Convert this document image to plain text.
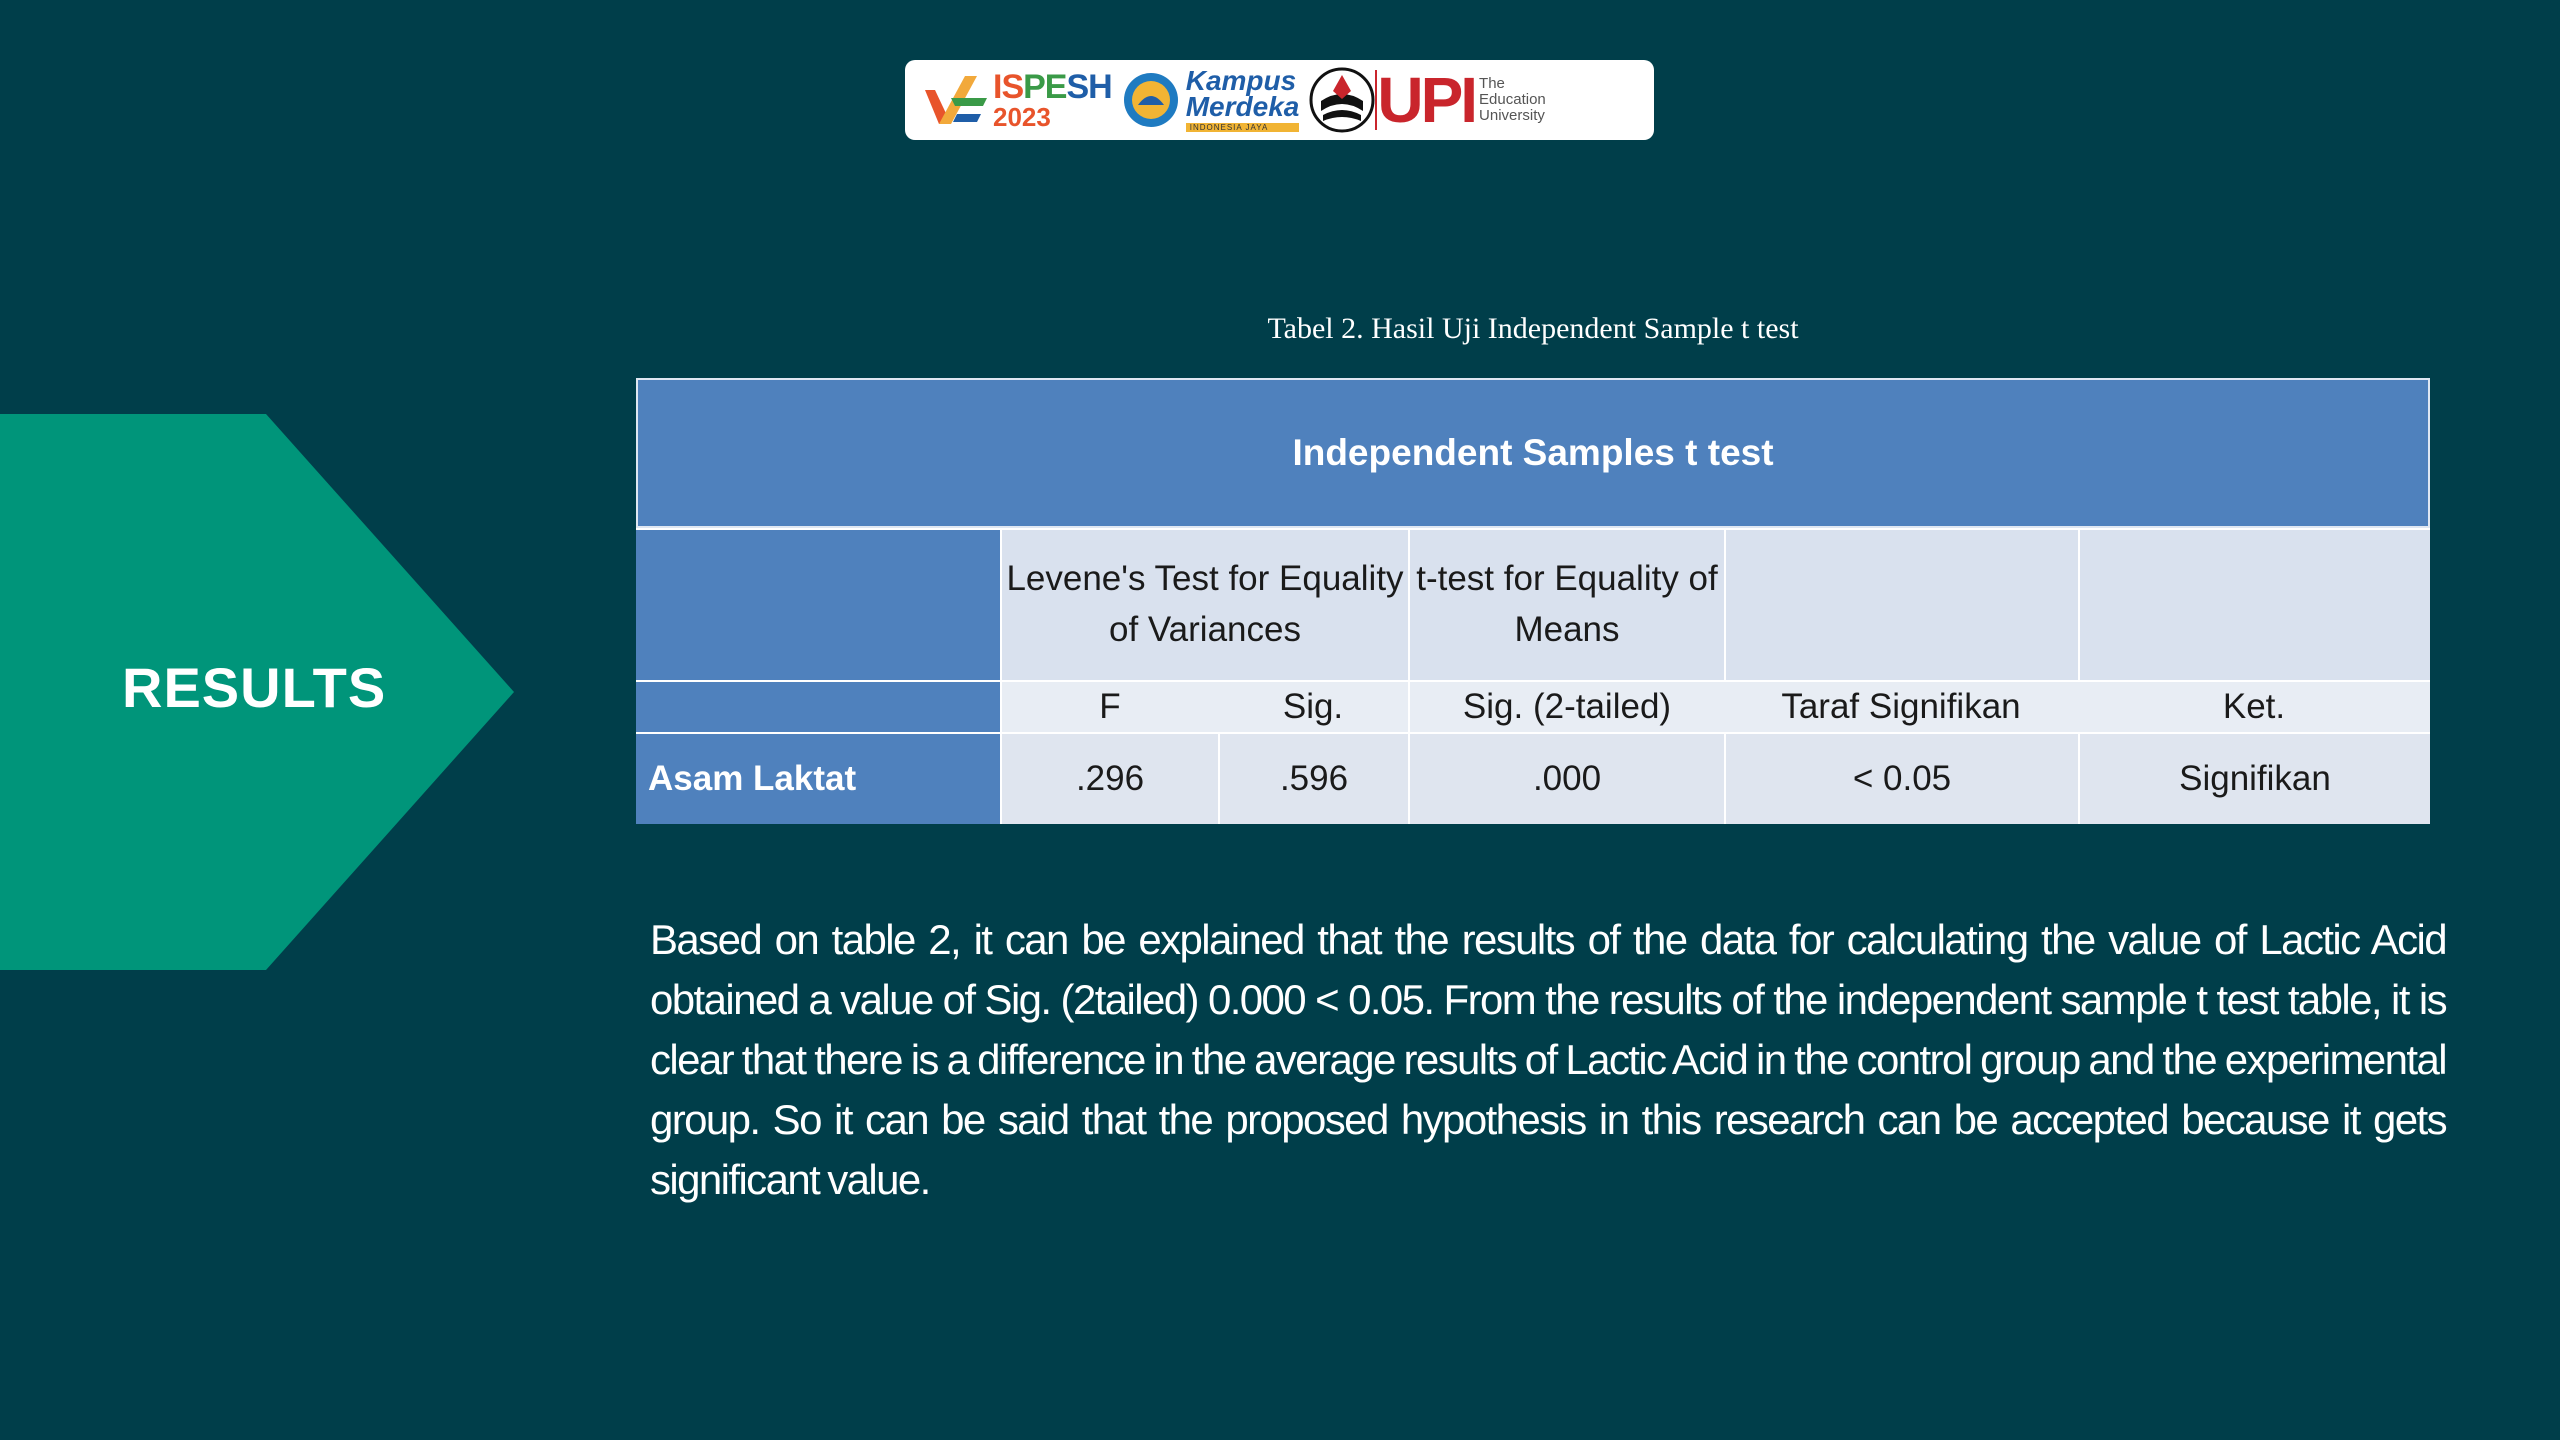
ISPESH
2023
Kampus
Merdeka
INDONESIA JAYA	UPI The
Education
University
RESULTS
Tabel 2. Hasil Uji Independent Sample t test
Independent Samples t test
Levene's Test for Equality of Variances
t-test for Equality of Means
F	Sig.	Sig. (2-tailed)	Taraf Signifikan	Ket.
Asam Laktat	.296	.596	.000	< 0.05	Signifikan
Based on table 2, it can be explained that the results of the data for calculating the value of Lactic Acid obtained a value of Sig. (2tailed) 0.000 < 0.05. From the results of the independent sample t test table, it is clear that there is a difference in the average results of Lactic Acid in the control group and the experimental group. So it can be said that the proposed hypothesis in this research can be accepted because it gets significant value.
